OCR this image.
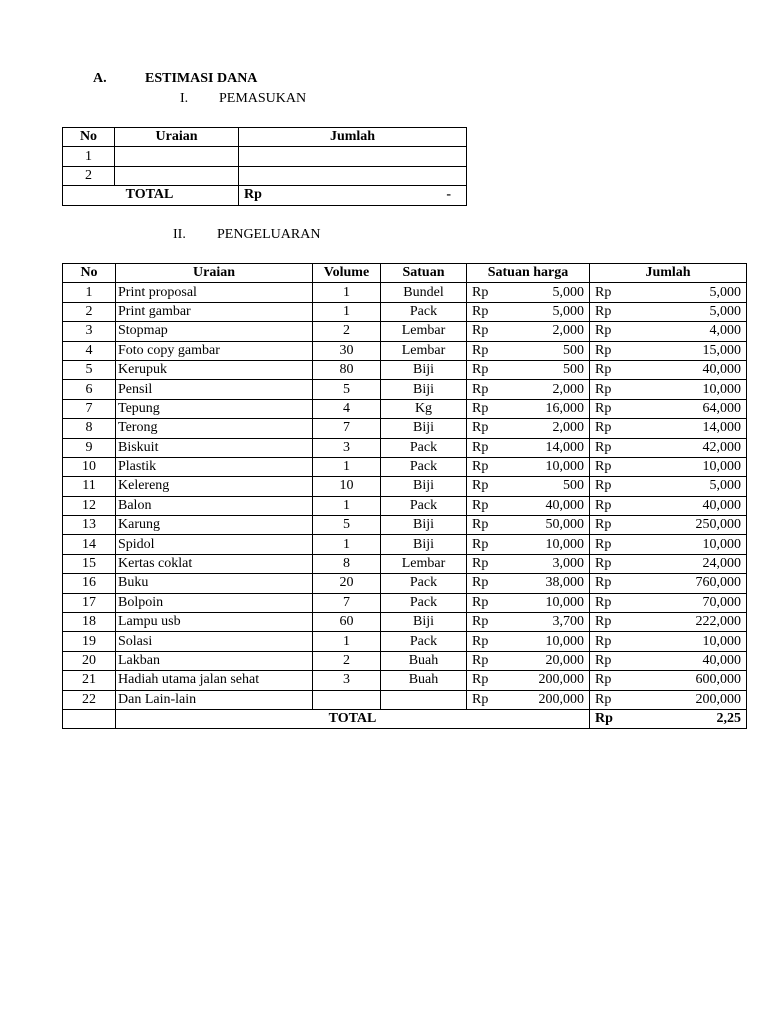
A.	ESTIMASI DANA
I. PEMASUKAN
No	Uraian	Jumlah
1		
2		
TOTAL		Rp -
II. PENGELUARAN
No	Uraian	Volume	Satuan	Satuan harga	Jumlah
1	Print proposal	1	Bundel	Rp 5,000	Rp 5,000

2	Print gambar	1	Pack	Rp 5,000	Rp 5,000

3	Stopmap	2	Lembar	Rp 2,000	Rp 4,000

4	Foto copy gambar	30	Lembar	Rp 500	Rp 15,000

5	Kerupuk	80	Biji	Rp 500	Rp 40,000

6	Pensil	5	Biji	Rp 2,000	Rp 10,000

7	Tepung	4	Kg	Rp 16,000	Rp 64,000

8	Terong	7	Biji	Rp 2,000	Rp 14,000

9	Biskuit	3	Pack	Rp 14,000	Rp 42,000

10	Plastik	1	Pack	Rp 10,000	Rp 10,000

11	Kelereng	10	Biji	Rp 500	Rp 5,000

12	Balon	1	Pack	Rp 40,000	Rp 40,000

13	Karung	5	Biji	Rp 50,000	Rp 250,000

14	Spidol	1	Biji	Rp 10,000	Rp 10,000

15	Kertas coklat	8	Lembar	Rp 3,000	Rp 24,000

16	Buku	20	Pack	Rp 38,000	Rp 760,000

17	Bolpoin	7	Pack	Rp 10,000	Rp 70,000

18	Lampu usb	60	Biji	Rp 3,700	Rp 222,000

19	Solasi	1	Pack	Rp 10,000	Rp 10,000

20	Lakban	2	Buah	Rp 20,000	Rp 40,000

21	Hadiah utama jalan sehat	3	Buah	Rp 200,000	Rp 600,000

22	Dan Lain-lain			Rp 200,000	Rp 200,000

	TOTAL				Rp 2,25
